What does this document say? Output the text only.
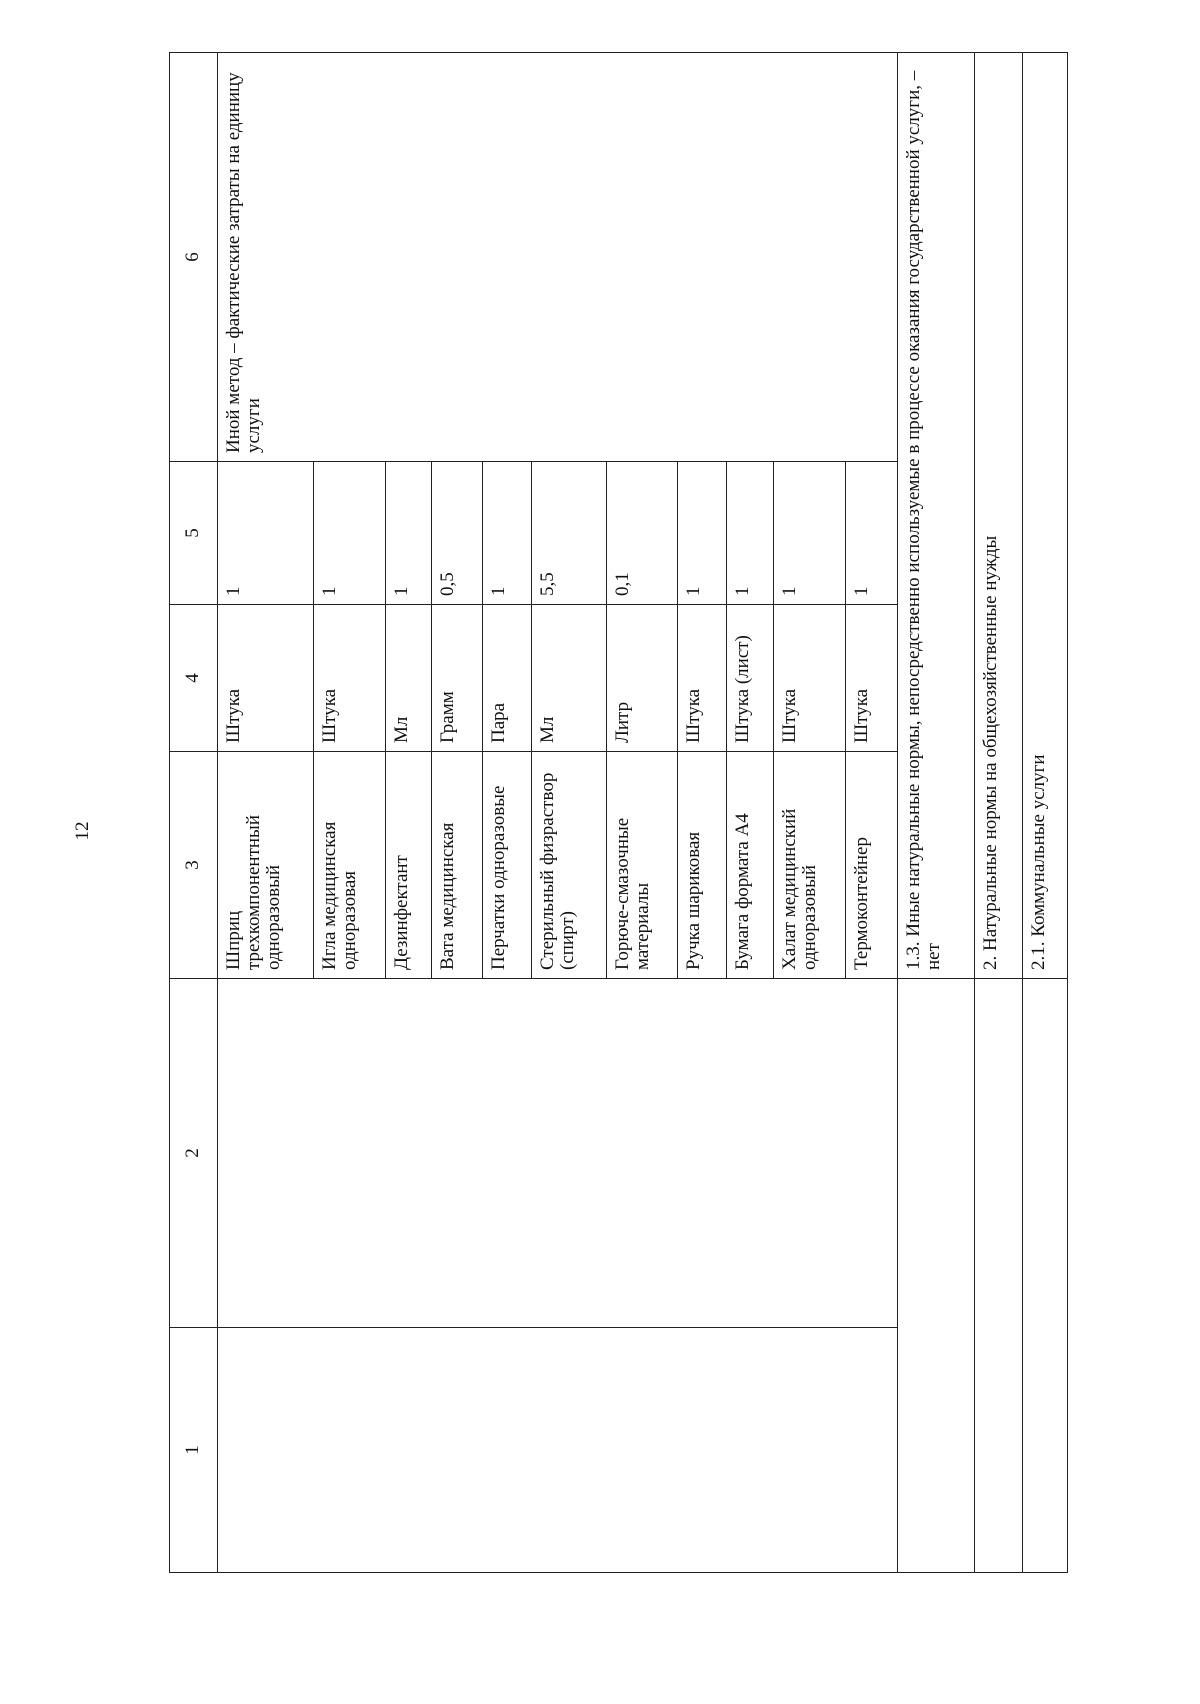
12
1	2	3	4	5	6
		Шприц трехкомпонентный одноразовый	Штука	1	Иной метод – фактические затраты на единицу услуги
		Игла медицинская одноразовая	Штука	1	
		Дезинфектант	Мл	1	
		Вата медицинская	Грамм	0,5	
		Перчатки одноразовые	Пара	1	
		Стерильный физраствор (спирт)	Мл	5,5	
		Горюче-смазочные материалы	Литр	0,1	
		Ручка шариковая	Штука	1	
		Бумага формата А4	Штука (лист)	1	
		Халат медицинский одноразовый	Штука	1	
		Термоконтейнер	Штука	1	
		1.3. Иные натуральные нормы, непосредственно используемые в процессе оказания государственной услуги, – нет			
		2. Натуральные нормы на общехозяйственные нужды			
		2.1. Коммунальные услуги			
